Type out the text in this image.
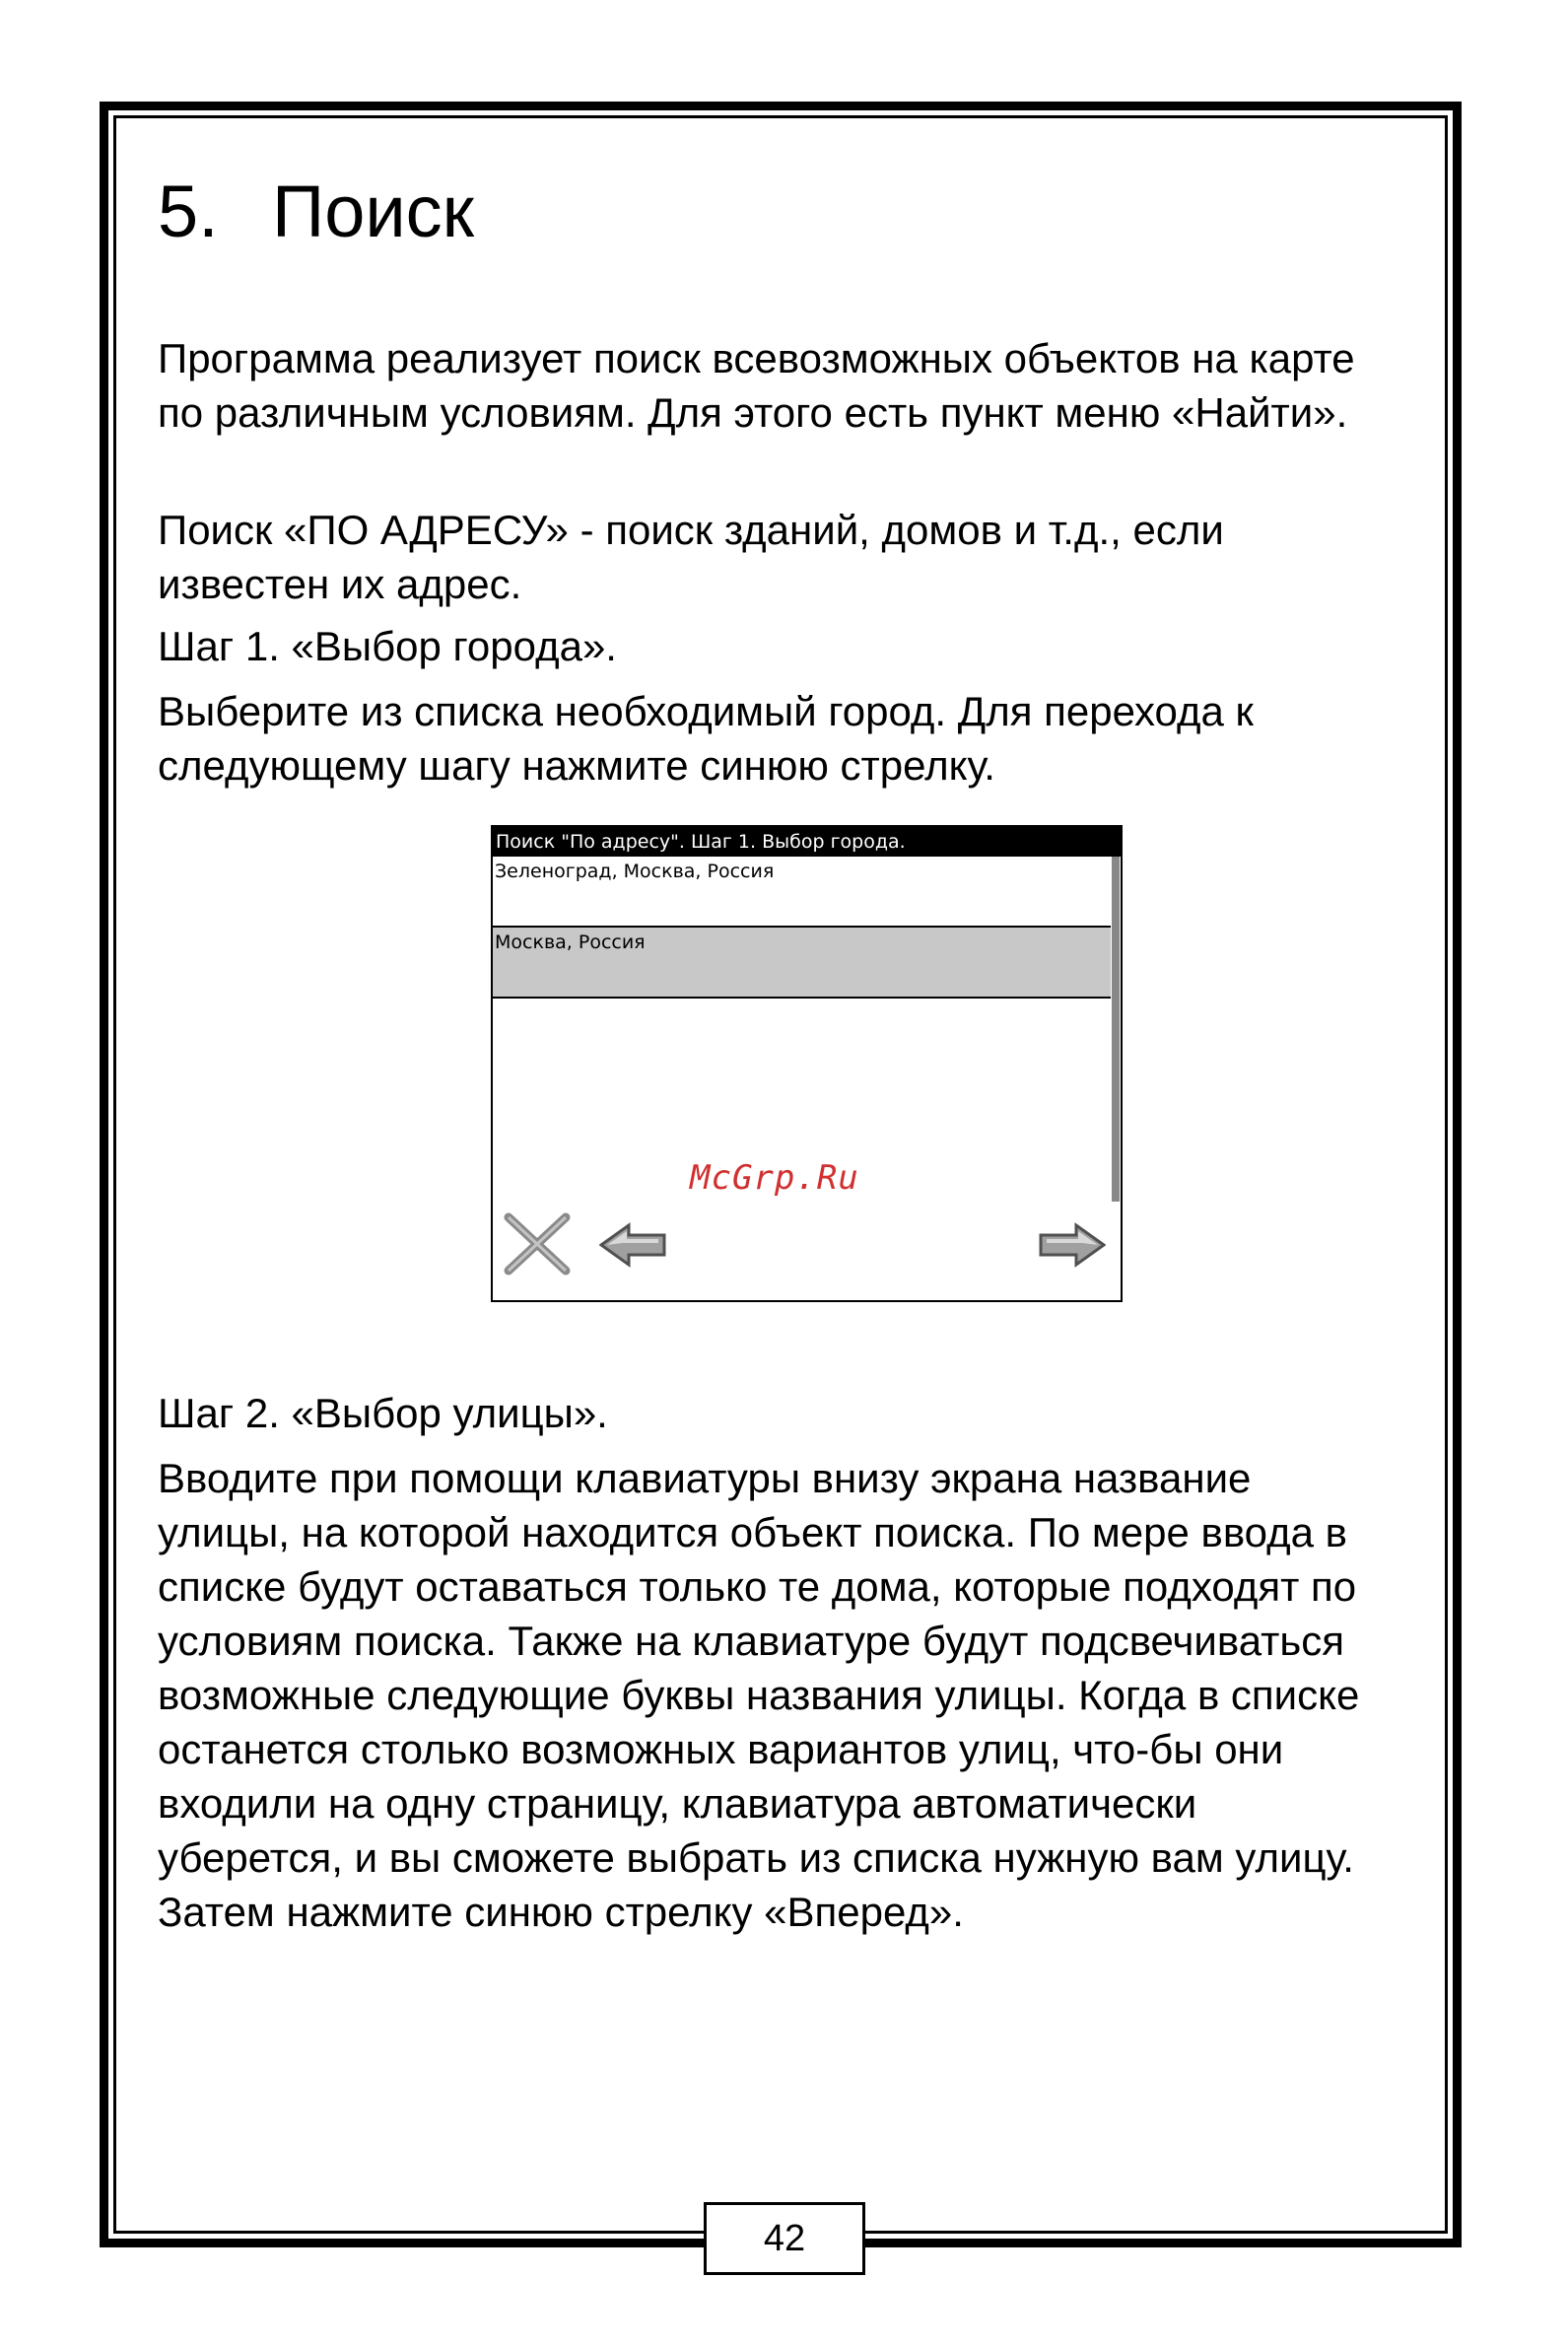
5. Поиск

Программа реализует поиск всевозможных объектов на карте по различным условиям. Для этого есть пункт меню «Найти».

Поиск «ПО АДРЕСУ» - поиск зданий, домов и т.д., если известен их адрес.

Шаг 1. «Выбор города».

Выберите из списка необходимый город. Для перехода к следующему шагу нажмите синюю стрелку.

Шаг 2. «Выбор улицы».

Вводите при помощи клавиатуры внизу экрана название улицы, на которой находится объект поиска. По мере ввода в списке будут оставаться только те дома, которые подходят по условиям поиска. Также на клавиатуре будут подсвечиваться возможные следующие буквы названия улицы. Когда в списке останется столько возможных вариантов улиц, что-бы они входили на одну страницу, клавиатура автоматически уберется, и вы сможете выбрать из списка нужную вам улицу. Затем нажмите синюю стрелку «Вперед».

Поиск "По адресу". Шаг 1. Выбор города.
Зеленоград, Москва, Россия
Москва, Россия
McGrp.Ru
42
